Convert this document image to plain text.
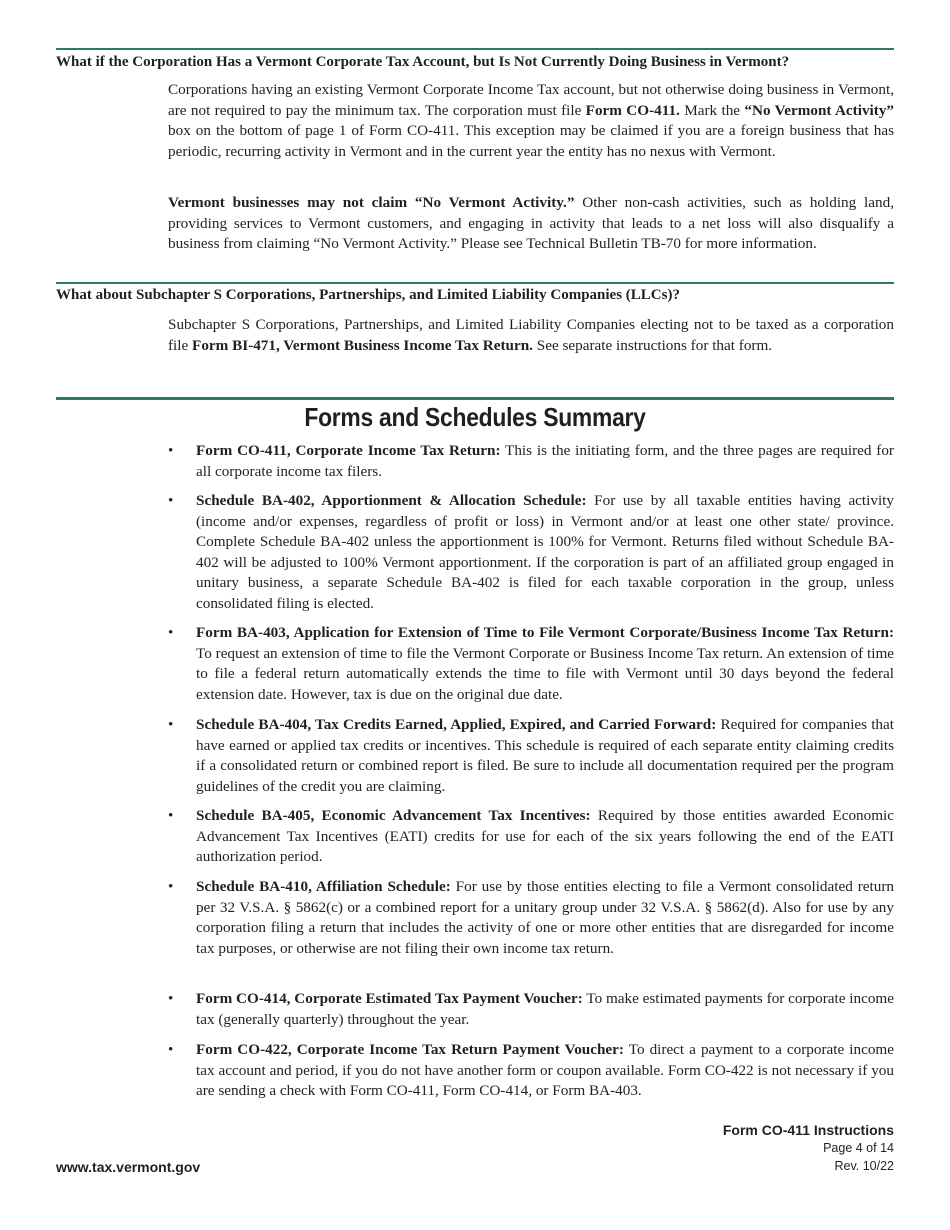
What if the Corporation Has a Vermont Corporate Tax Account, but Is Not Currently Doing Business in Vermont?

Corporations having an existing Vermont Corporate Income Tax account, but not otherwise doing business in Vermont, are not required to pay the minimum tax. The corporation must file Form CO-411. Mark the “No Vermont Activity” box on the bottom of page 1 of Form CO-411. This exception may be claimed if you are a foreign business that has periodic, recurring activity in Vermont and in the current year the entity has no nexus with Vermont.

Vermont businesses may not claim “No Vermont Activity.” Other non-cash activities, such as holding land, providing services to Vermont customers, and engaging in activity that leads to a net loss will also disqualify a business from claiming “No Vermont Activity.” Please see Technical Bulletin TB-70 for more information.

What about Subchapter S Corporations, Partnerships, and Limited Liability Companies (LLCs)?

Subchapter S Corporations, Partnerships, and Limited Liability Companies electing not to be taxed as a corporation file Form BI-471, Vermont Business Income Tax Return. See separate instructions for that form.

Forms and Schedules Summary
•	Form CO-411, Corporate Income Tax Return: This is the initiating form, and the three pages are required for all corporate income tax filers.
•	Schedule BA-402, Apportionment & Allocation Schedule: For use by all taxable entities having activity (income and/or expenses, regardless of profit or loss) in Vermont and/or at least one other state/ province. Complete Schedule BA-402 unless the apportionment is 100% for Vermont. Returns filed without Schedule BA-402 will be adjusted to 100% Vermont apportionment. If the corporation is part of an affiliated group engaged in unitary business, a separate Schedule BA-402 is filed for each taxable corporation in the group, unless consolidated filing is elected.
•	Form BA-403, Application for Extension of Time to File Vermont Corporate/Business Income Tax Return: To request an extension of time to file the Vermont Corporate or Business Income Tax return. An extension of time to file a federal return automatically extends the time to file with Vermont until 30 days beyond the federal extension date. However, tax is due on the original due date.
•	Schedule BA-404, Tax Credits Earned, Applied, Expired, and Carried Forward: Required for companies that have earned or applied tax credits or incentives. This schedule is required of each separate entity claiming credits if a consolidated return or combined report is filed. Be sure to include all documentation required per the program guidelines of the credit you are claiming.
•	Schedule BA-405, Economic Advancement Tax Incentives: Required by those entities awarded Economic Advancement Tax Incentives (EATI) credits for use for each of the six years following the end of the EATI authorization period.
•	Schedule BA-410, Affiliation Schedule: For use by those entities electing to file a Vermont consolidated return per 32 V.S.A. § 5862(c) or a combined report for a unitary group under 32 V.S.A. § 5862(d). Also for use by any corporation filing a return that includes the activity of one or more other entities that are disregarded for income tax purposes, or otherwise are not filing their own income tax return.
•	Form CO-414, Corporate Estimated Tax Payment Voucher: To make estimated payments for corporate income tax (generally quarterly) throughout the year.
•	Form CO-422, Corporate Income Tax Return Payment Voucher: To direct a payment to a corporate income tax account and period, if you do not have another form or coupon available. Form CO-422 is not necessary if you are sending a check with Form CO-411, Form CO-414, or Form BA-403.
Form CO-411 Instructions
Page 4 of 14
Rev. 10/22
www.tax.vermont.gov
